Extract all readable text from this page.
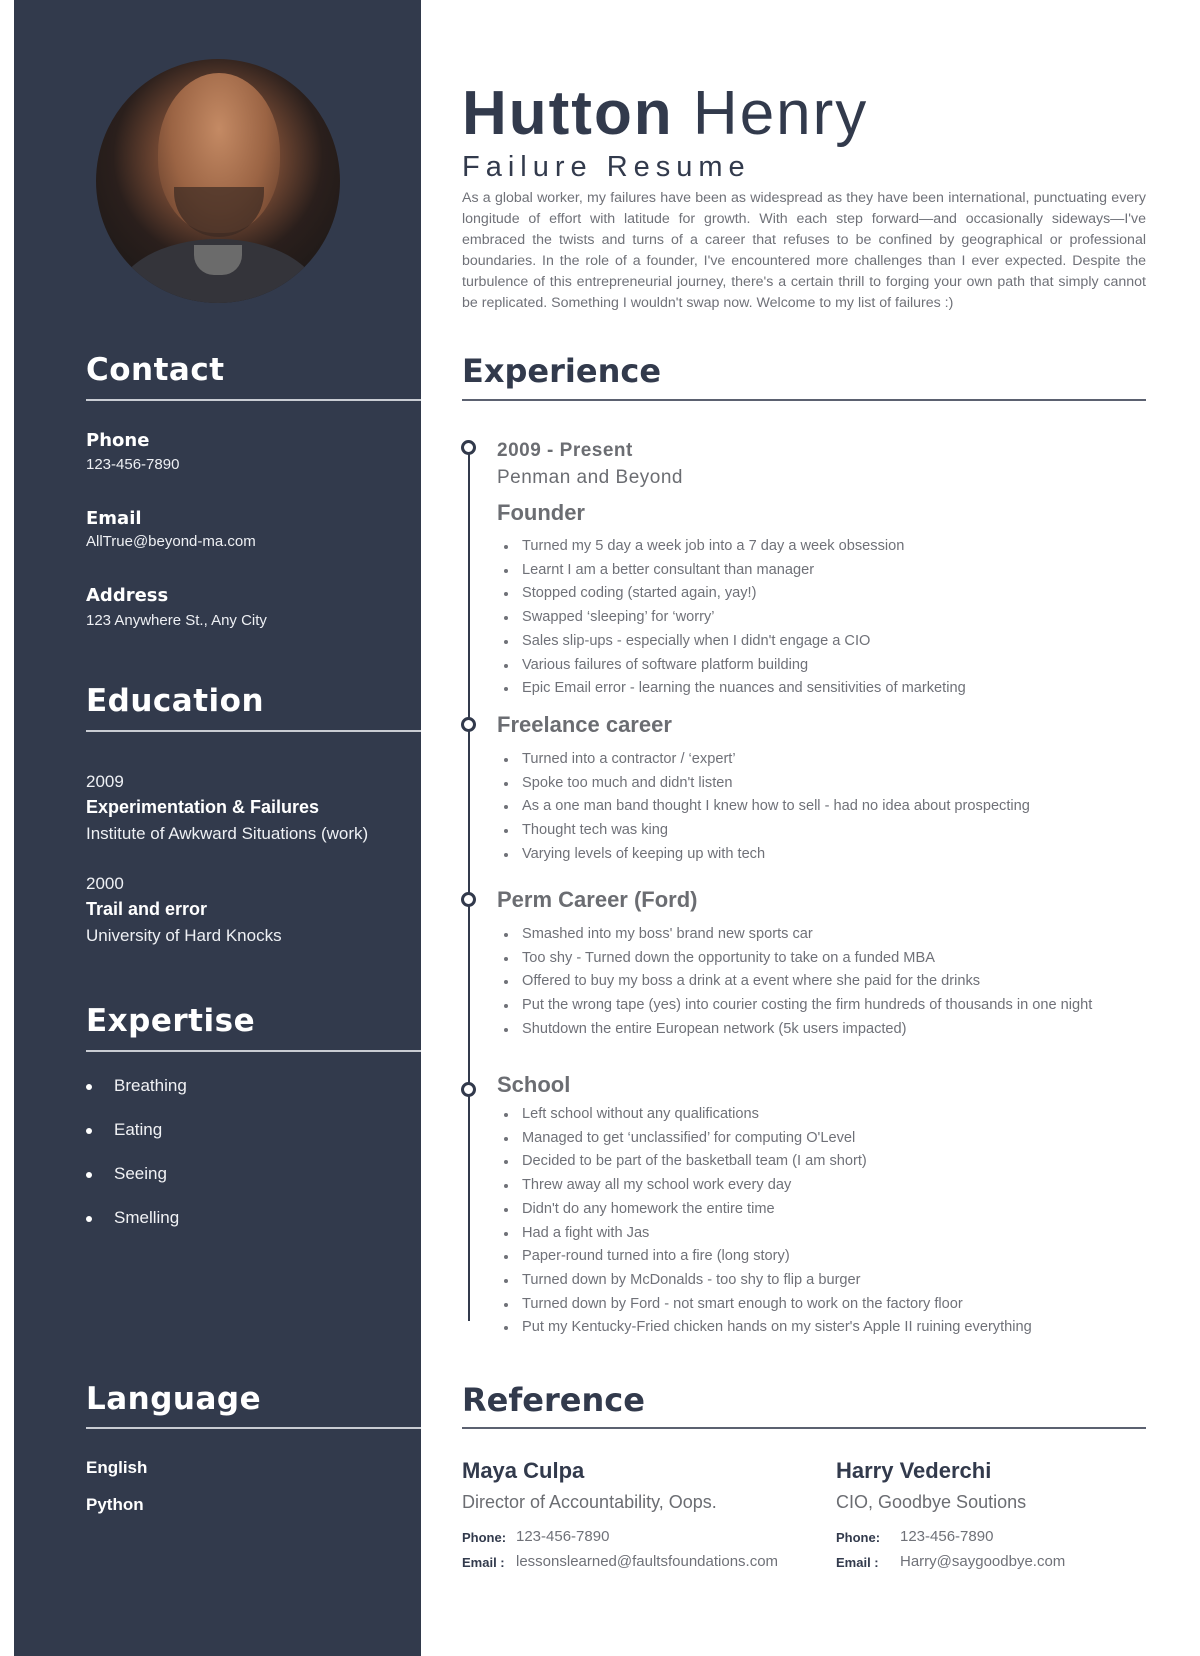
Contact
Phone
123-456-7890
Email
AllTrue@beyond-ma.com
Address
123 Anywhere St., Any City
Education
2009
Experimentation & Failures
Institute of Awkward Situations (work)
2000
Trail and error
University of Hard Knocks
Expertise
Breathing
Eating
Seeing
Smelling
Language
English
Python
Hutton Henry
Failure Resume
As a global worker, my failures have been as widespread as they have been international, punctuating every longitude of effort with latitude for growth. With each step forward—and occasionally sideways—I've embraced the twists and turns of a career that refuses to be confined by geographical or professional boundaries. In the role of a founder, I've encountered more challenges than I ever expected. Despite the turbulence of this entrepreneurial journey, there's a certain thrill to forging your own path that simply cannot be replicated. Something I wouldn't swap now. Welcome to my list of failures :)
Experience
2009 - Present
Penman and Beyond
Founder
Turned my 5 day a week job into a 7 day a week obsession
Learnt I am a better consultant than manager
Stopped coding (started again, yay!)
Swapped ‘sleeping’ for ‘worry’
Sales slip-ups - especially when I didn't engage a CIO
Various failures of software platform building
Epic Email error - learning the nuances and sensitivities of marketing
Freelance career
Turned into a contractor / ‘expert’
Spoke too much and didn't listen
As a one man band thought I knew how to sell - had no idea about prospecting
Thought tech was king
Varying levels of keeping up with tech
Perm Career (Ford)
Smashed into my boss' brand new sports car
Too shy - Turned down the opportunity to take on a funded MBA
Offered to buy my boss a drink at a event where she paid for the drinks
Put the wrong tape (yes) into courier costing the firm hundreds of thousands in one night
Shutdown the entire European network (5k users impacted)
School
Left school without any qualifications
Managed to get ‘unclassified’ for computing O'Level
Decided to be part of the basketball team (I am short)
Threw away all my school work every day
Didn't do any homework the entire time
Had a fight with Jas
Paper-round turned into a fire (long story)
Turned down by McDonalds - too shy to flip a burger
Turned down by Ford - not smart enough to work on the factory floor
Put my Kentucky-Fried chicken hands on my sister's Apple II ruining everything
Reference
Maya Culpa
Director of Accountability, Oops.
Phone: 123-456-7890
Email : lessonslearned@faultsfoundations.com
Harry Vederchi
CIO, Goodbye Soutions
Phone: 123-456-7890
Email : Harry@saygoodbye.com
